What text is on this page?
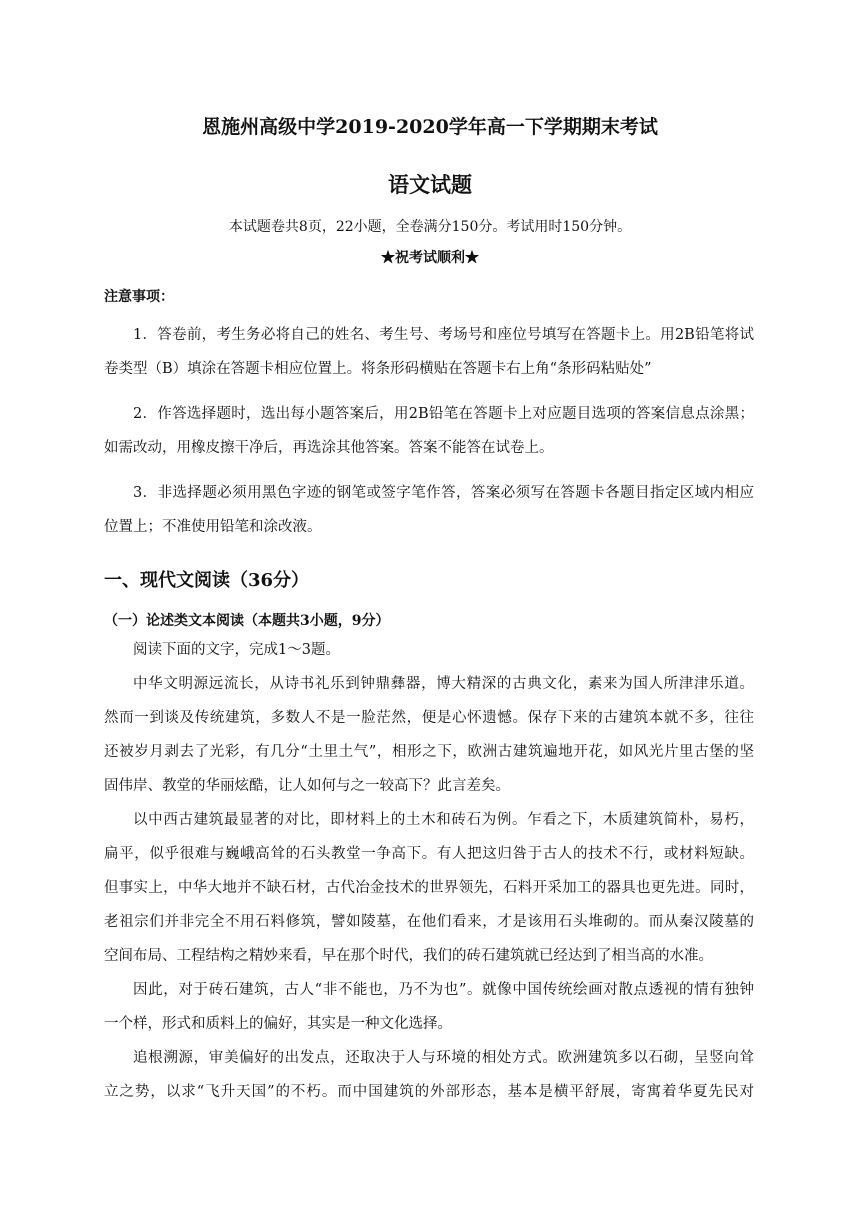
恩施州高级中学2019-2020学年高一下学期期末考试
语文试题
本试题卷共8页，22小题，全卷满分150分。考试用时150分钟。
★祝考试顺利★
注意事项：
1．答卷前，考生务必将自己的姓名、考生号、考场号和座位号填写在答题卡上。用2B铅笔将试
卷类型（B）填涂在答题卡相应位置上。将条形码横贴在答题卡右上角“条形码粘贴处”
2．作答选择题时，选出每小题答案后，用2B铅笔在答题卡上对应题目选项的答案信息点涂黑；
如需改动，用橡皮擦干净后，再选涂其他答案。答案不能答在试卷上。
3．非选择题必须用黑色字迹的钢笔或签字笔作答，答案必须写在答题卡各题目指定区域内相应
位置上；不准使用铅笔和涂改液。
一、现代文阅读（36分）
（一）论述类文本阅读（本题共3小题，9分）
阅读下面的文字，完成1～3题。
中华文明源远流长，从诗书礼乐到钟鼎彝器，博大精深的古典文化，素来为国人所津津乐道。
然而一到谈及传统建筑，多数人不是一脸茫然，便是心怀遗憾。保存下来的古建筑本就不多，往往
还被岁月剥去了光彩，有几分“土里土气”，相形之下，欧洲古建筑遍地开花，如风光片里古堡的坚
固伟岸、教堂的华丽炫酷，让人如何与之一较高下？此言差矣。
以中西古建筑最显著的对比，即材料上的土木和砖石为例。乍看之下，木质建筑简朴，易朽，
扁平，似乎很难与巍峨高耸的石头教堂一争高下。有人把这归咎于古人的技术不行，或材料短缺。
但事实上，中华大地并不缺石材，古代冶金技术的世界领先，石料开采加工的器具也更先进。同时，
老祖宗们并非完全不用石料修筑，譬如陵墓，在他们看来，才是该用石头堆砌的。而从秦汉陵墓的
空间布局、工程结构之精妙来看，早在那个时代，我们的砖石建筑就已经达到了相当高的水准。
因此，对于砖石建筑，古人“非不能也，乃不为也”。就像中国传统绘画对散点透视的情有独钟
一个样，形式和质料上的偏好，其实是一种文化选择。
追根溯源，审美偏好的出发点，还取决于人与环境的相处方式。欧洲建筑多以石砌，呈竖向耸
立之势，以求“飞升天国”的不朽。而中国建筑的外部形态，基本是横平舒展，寄寓着华夏先民对
